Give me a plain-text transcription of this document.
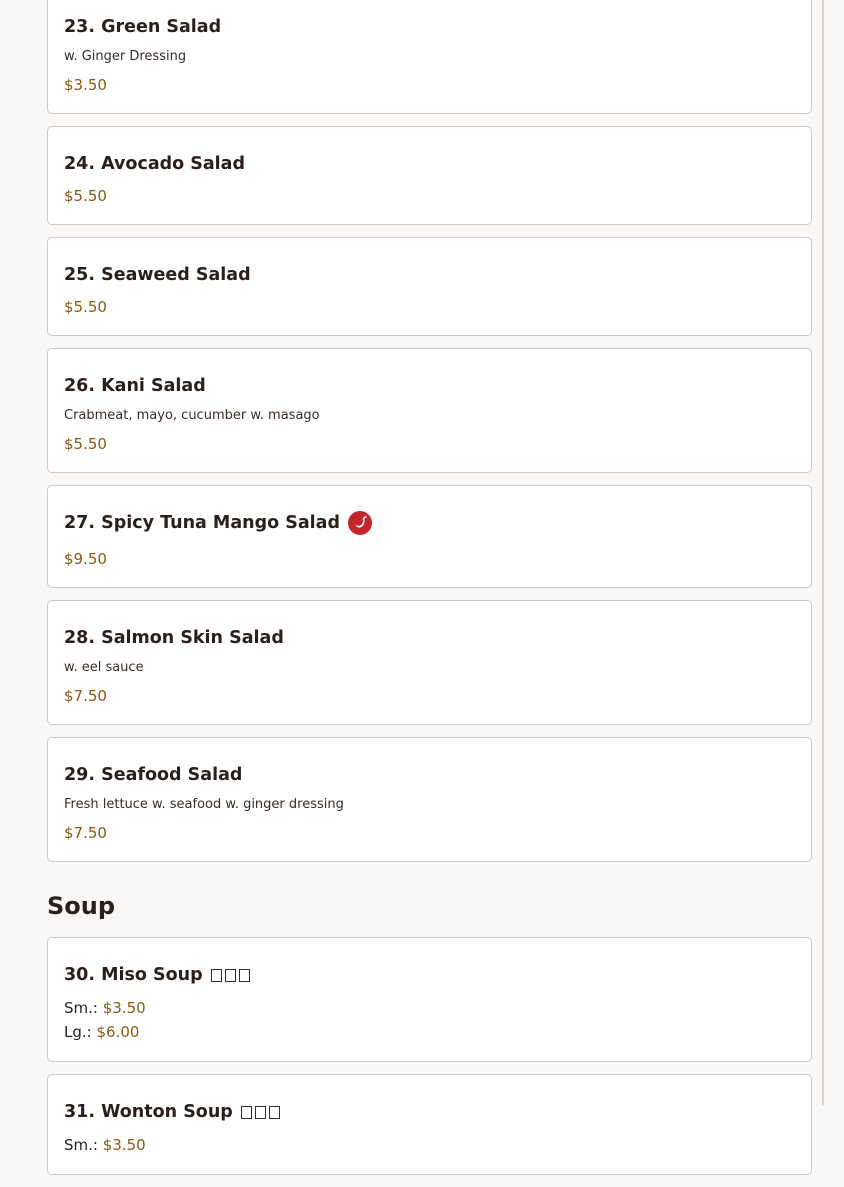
23. Green Salad
w. Ginger Dressing
$3.50
24. Avocado Salad
$5.50
25. Seaweed Salad
$5.50
26. Kani Salad
Crabmeat, mayo, cucumber w. masago
$5.50
27. Spicy Tuna Mango Salad
$9.50
28. Salmon Skin Salad
w. eel sauce
$7.50
29. Seafood Salad
Fresh lettuce w. seafood w. ginger dressing
$7.50
Soup
30. Miso Soup
Sm.: $3.50
Lg.: $6.00
31. Wonton Soup
Sm.: $3.50
